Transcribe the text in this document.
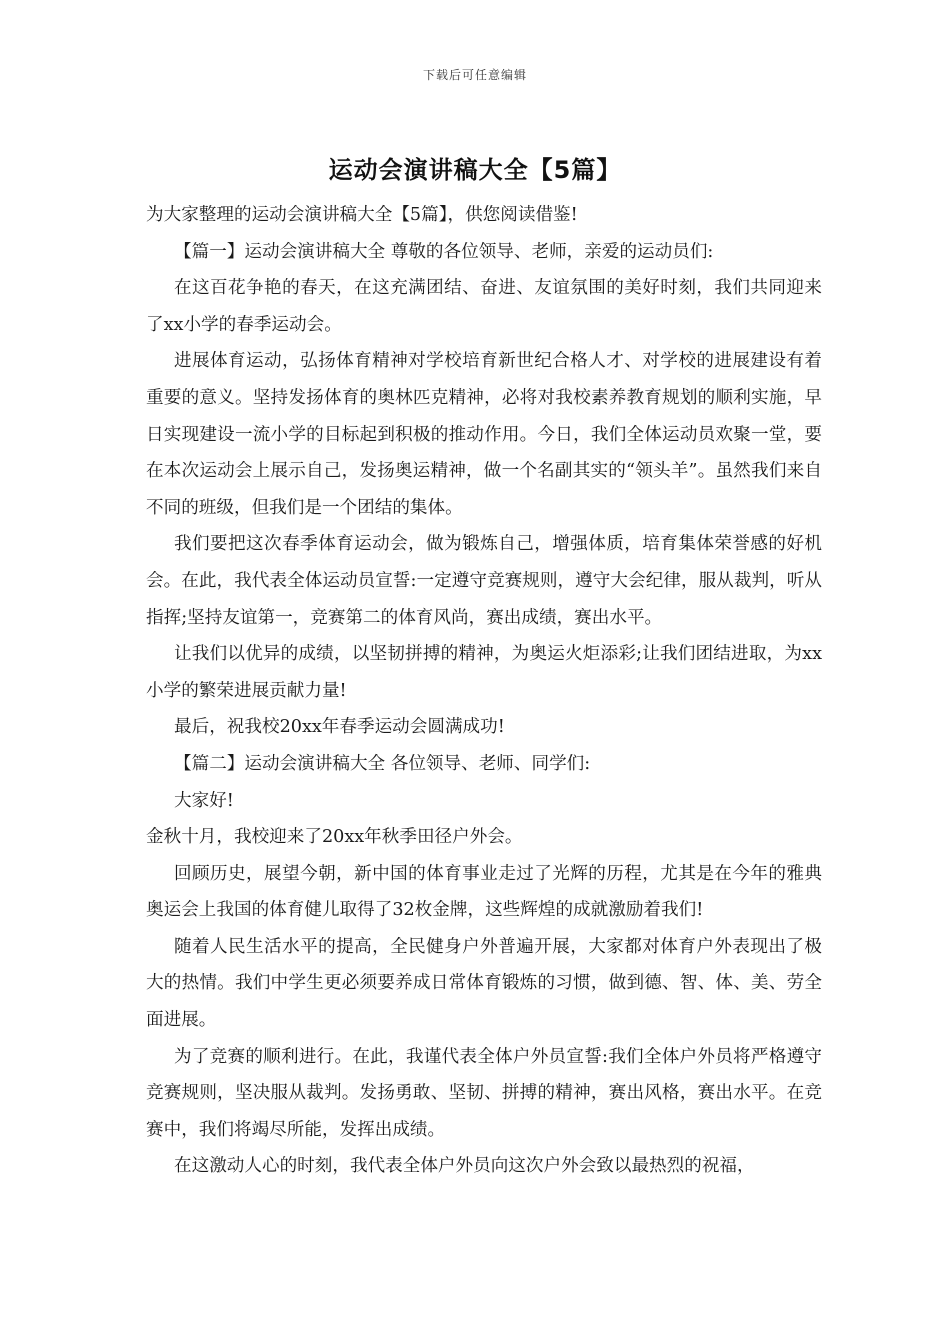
下载后可任意编辑
运动会演讲稿大全【5篇】

为大家整理的运动会演讲稿大全【5篇】，供您阅读借鉴!

【篇一】运动会演讲稿大全 尊敬的各位领导、老师，亲爱的运动员们:

在这百花争艳的春天，在这充满团结、奋进、友谊氛围的美好时刻，我们共同迎来了xx小学的春季运动会。

进展体育运动，弘扬体育精神对学校培育新世纪合格人才、对学校的进展建设有着重要的意义。坚持发扬体育的奥林匹克精神，必将对我校素养教育规划的顺利实施，早日实现建设一流小学的目标起到积极的推动作用。今日，我们全体运动员欢聚一堂，要在本次运动会上展示自己，发扬奥运精神，做一个名副其实的“领头羊”。虽然我们来自不同的班级，但我们是一个团结的集体。

我们要把这次春季体育运动会，做为锻炼自己，增强体质，培育集体荣誉感的好机会。在此，我代表全体运动员宣誓:一定遵守竞赛规则，遵守大会纪律，服从裁判，听从指挥;坚持友谊第一，竞赛第二的体育风尚，赛出成绩，赛出水平。

让我们以优异的成绩，以坚韧拼搏的精神，为奥运火炬添彩;让我们团结进取，为xx小学的繁荣进展贡献力量!

最后，祝我校20xx年春季运动会圆满成功!

【篇二】运动会演讲稿大全 各位领导、老师、同学们:

大家好!

金秋十月，我校迎来了20xx年秋季田径户外会。

回顾历史，展望今朝，新中国的体育事业走过了光辉的历程，尤其是在今年的雅典奥运会上我国的体育健儿取得了32枚金牌，这些辉煌的成就激励着我们!

随着人民生活水平的提高，全民健身户外普遍开展，大家都对体育户外表现出了极大的热情。我们中学生更必须要养成日常体育锻炼的习惯，做到德、智、体、美、劳全面进展。

为了竞赛的顺利进行。在此，我谨代表全体户外员宣誓:我们全体户外员将严格遵守竞赛规则，坚决服从裁判。发扬勇敢、坚韧、拼搏的精神，赛出风格，赛出水平。在竞赛中，我们将竭尽所能，发挥出成绩。

在这激动人心的时刻，我代表全体户外员向这次户外会致以最热烈的祝福，
